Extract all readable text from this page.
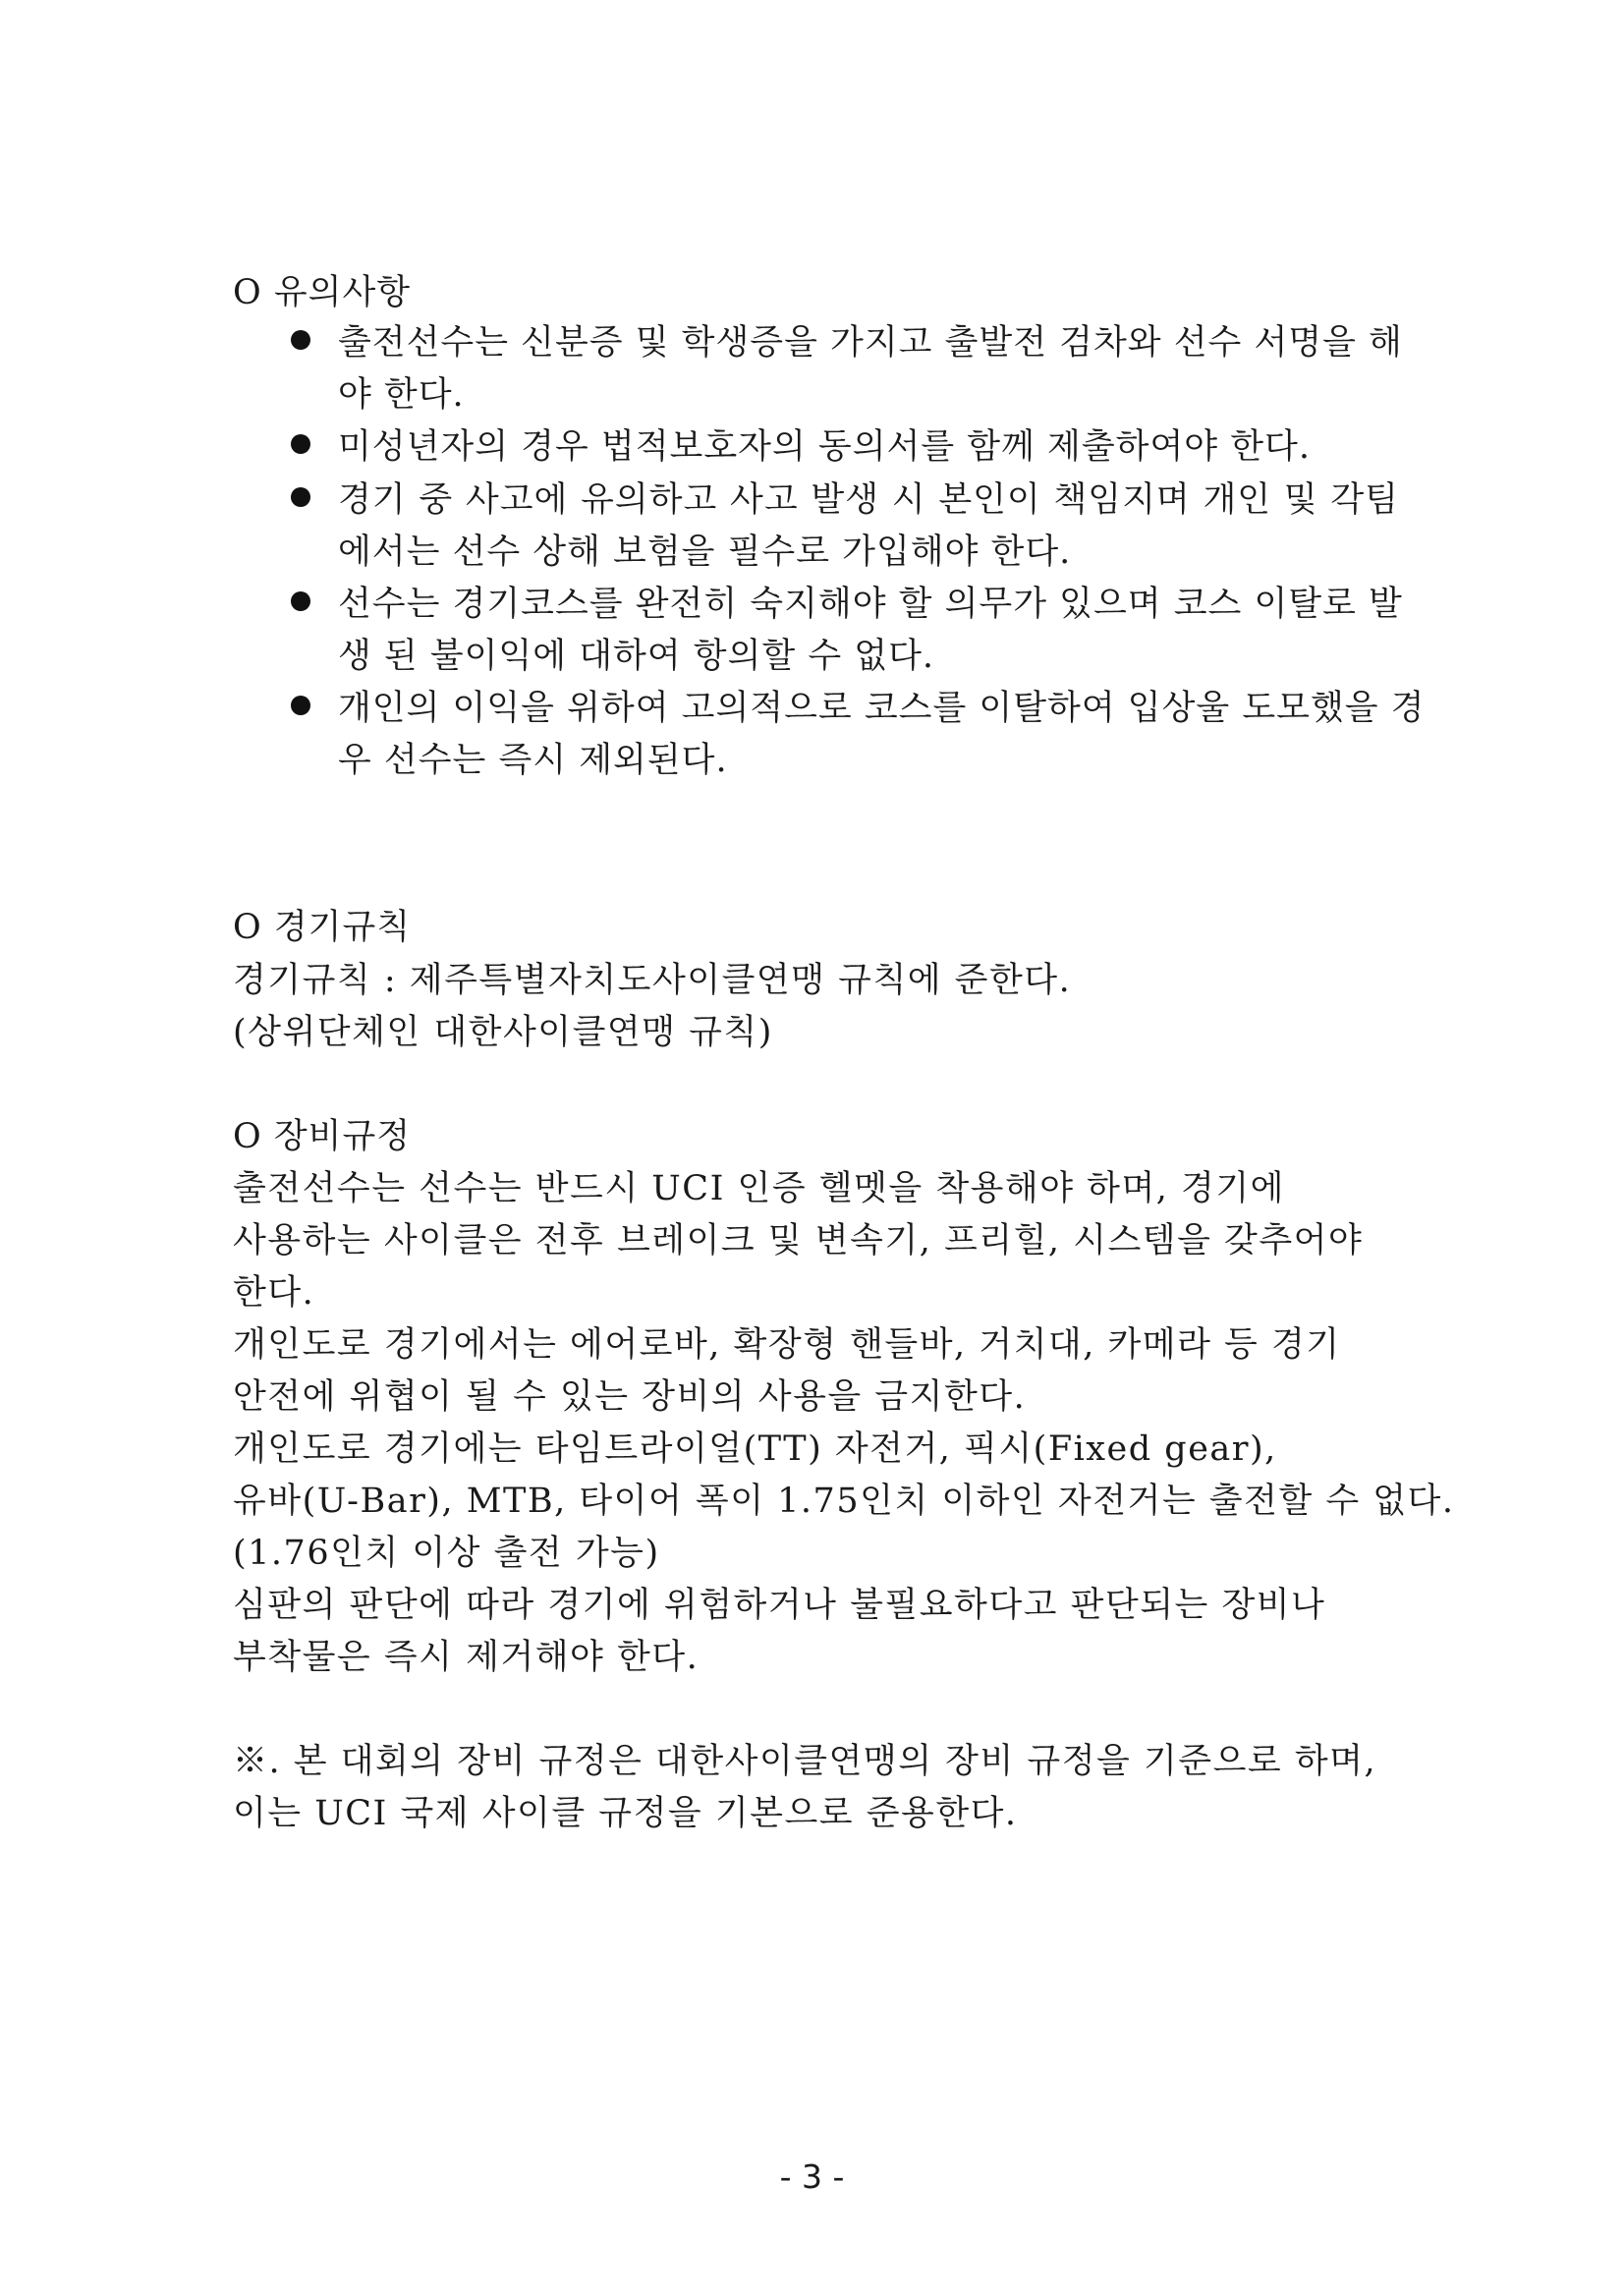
O 유의사항
출전선수는 신분증 및 학생증을 가지고 출발전 검차와 선수 서명을 해
야 한다.
미성년자의 경우 법적보호자의 동의서를 함께 제출하여야 한다.
경기 중 사고에 유의하고 사고 발생 시 본인이 책임지며 개인 및 각팀
에서는 선수 상해 보험을 필수로 가입해야 한다.
선수는 경기코스를 완전히 숙지해야 할 의무가 있으며 코스 이탈로 발
생 된 불이익에 대하여 항의할 수 없다.
개인의 이익을 위하여 고의적으로 코스를 이탈하여 입상울 도모했을 경
우 선수는 즉시 제외된다.
O 경기규칙
경기규칙 : 제주특별자치도사이클연맹 규칙에 준한다.
(상위단체인 대한사이클연맹 규칙)
O 장비규정
출전선수는 선수는 반드시 UCI 인증 헬멧을 착용해야 하며, 경기에
사용하는 사이클은 전후 브레이크 및 변속기, 프리힐, 시스템을 갖추어야
한다.
개인도로 경기에서는 에어로바, 확장형 핸들바, 거치대, 카메라 등 경기
안전에 위협이 될 수 있는 장비의 사용을 금지한다.
개인도로 경기에는 타임트라이얼(TT) 자전거, 픽시(Fixed gear),
유바(U-Bar), MTB, 타이어 폭이 1.75인치 이하인 자전거는 출전할 수 없다.
(1.76인치 이상 출전 가능)
심판의 판단에 따라 경기에 위험하거나 불필요하다고 판단되는 장비나
부착물은 즉시 제거해야 한다.
※. 본 대회의 장비 규정은 대한사이클연맹의 장비 규정을 기준으로 하며,
이는 UCI 국제 사이클 규정을 기본으로 준용한다.
- 3 -
